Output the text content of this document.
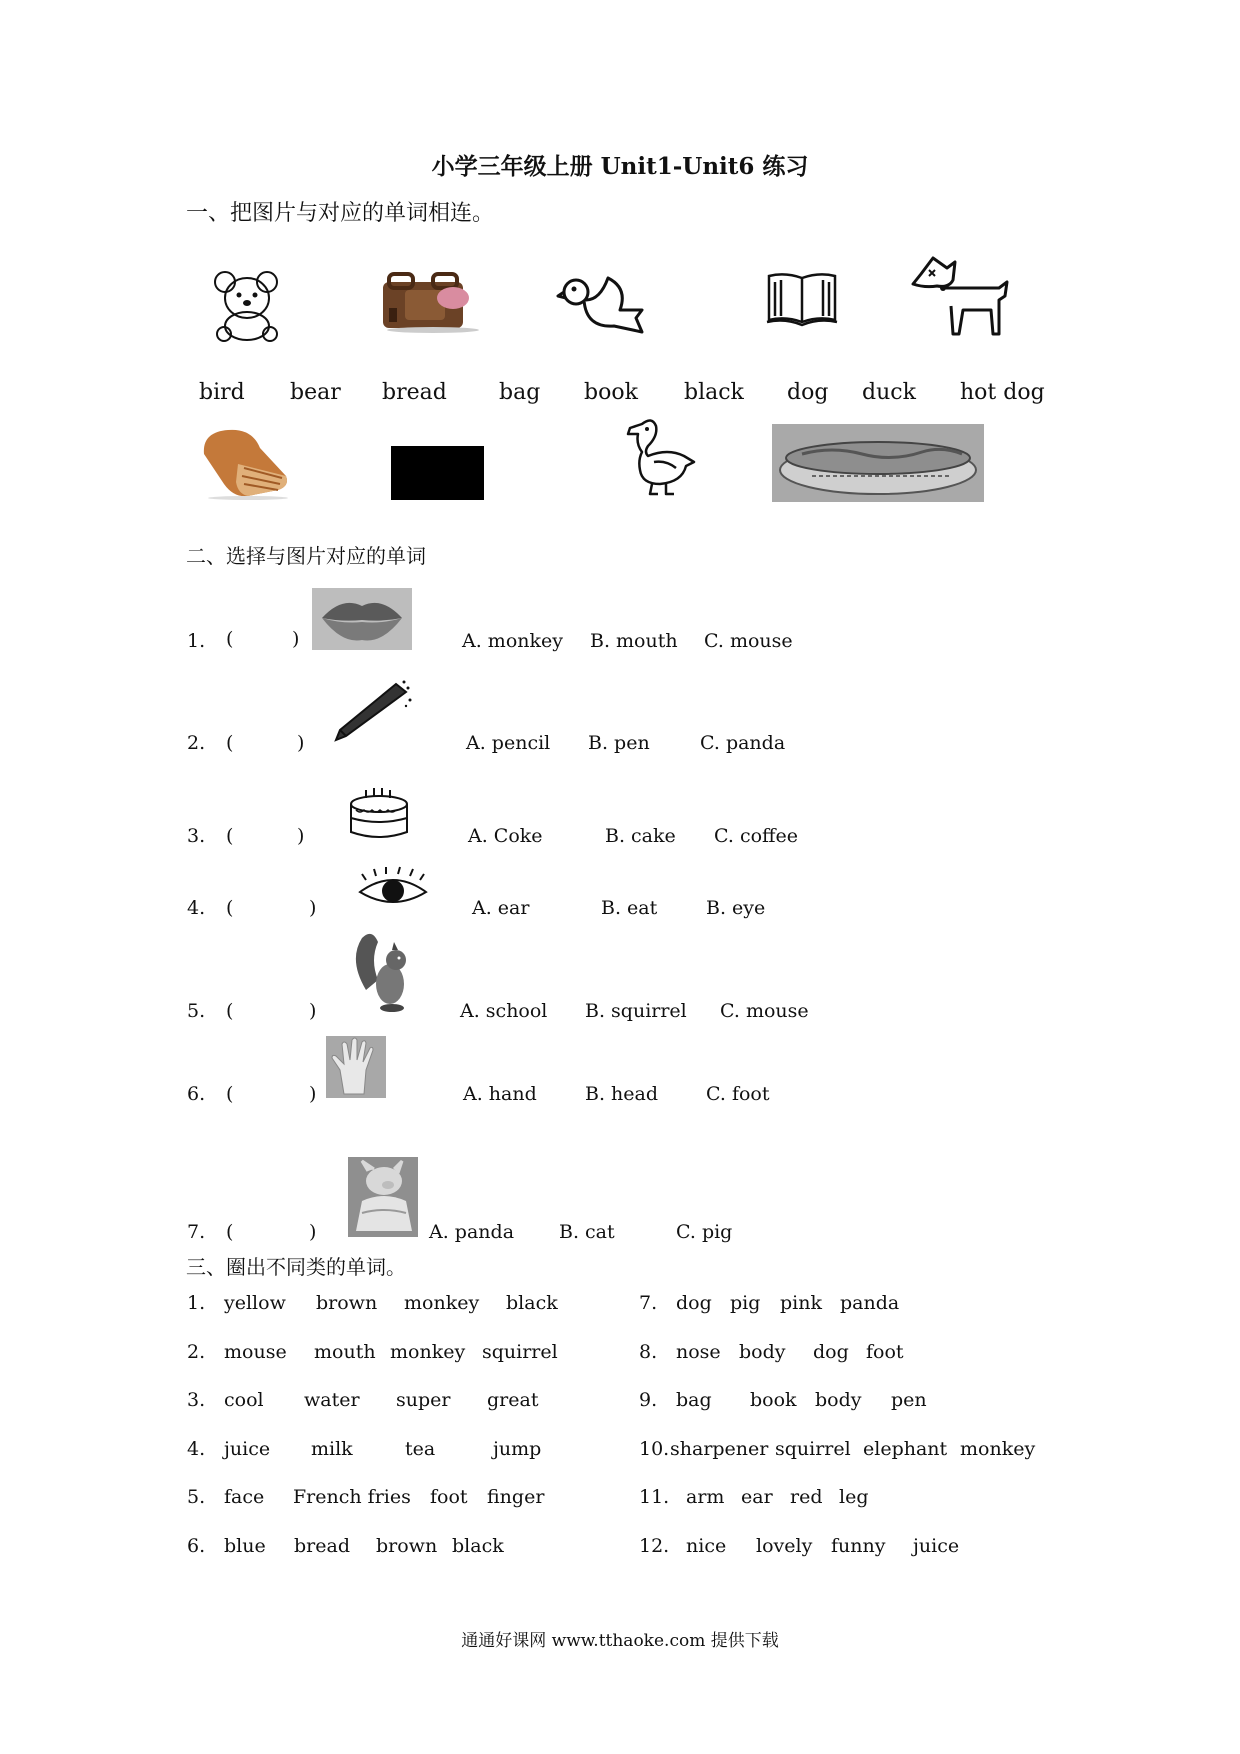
小学三年级上册 Unit1-Unit6 练习
一、把图片与对应的单词相连。
bird bear bread bag book black dog duck hot dog
二、选择与图片对应的单词
1. (	)	A. monkey B. mouth C. mouse
2. (	)	A. pencil B. pen	C. panda
3. (	)	A. Coke	B. cake C. coffee
4. (	)	A. ear	B. eat	B. eye
5. (	)	A. school B. squirrel C. mouse
6. (	)	A. hand	B. head	C. foot
7. (	)	A. panda B. cat	C. pig
三、圈出不同类的单词。
1. yellow brown monkey black
2. mouse mouth monkey squirrel
3. cool water super great
4. juice milk	tea	jump
5. face French fries foot finger
6. blue bread brown black
7. dog pig pink panda
8. nose body dog foot
9. bag book body pen
10. sharpener squirrel elephant monkey
11. arm ear red leg
12. nice lovely funny juice
通通好课网 www.tthaoke.com 提供下载
